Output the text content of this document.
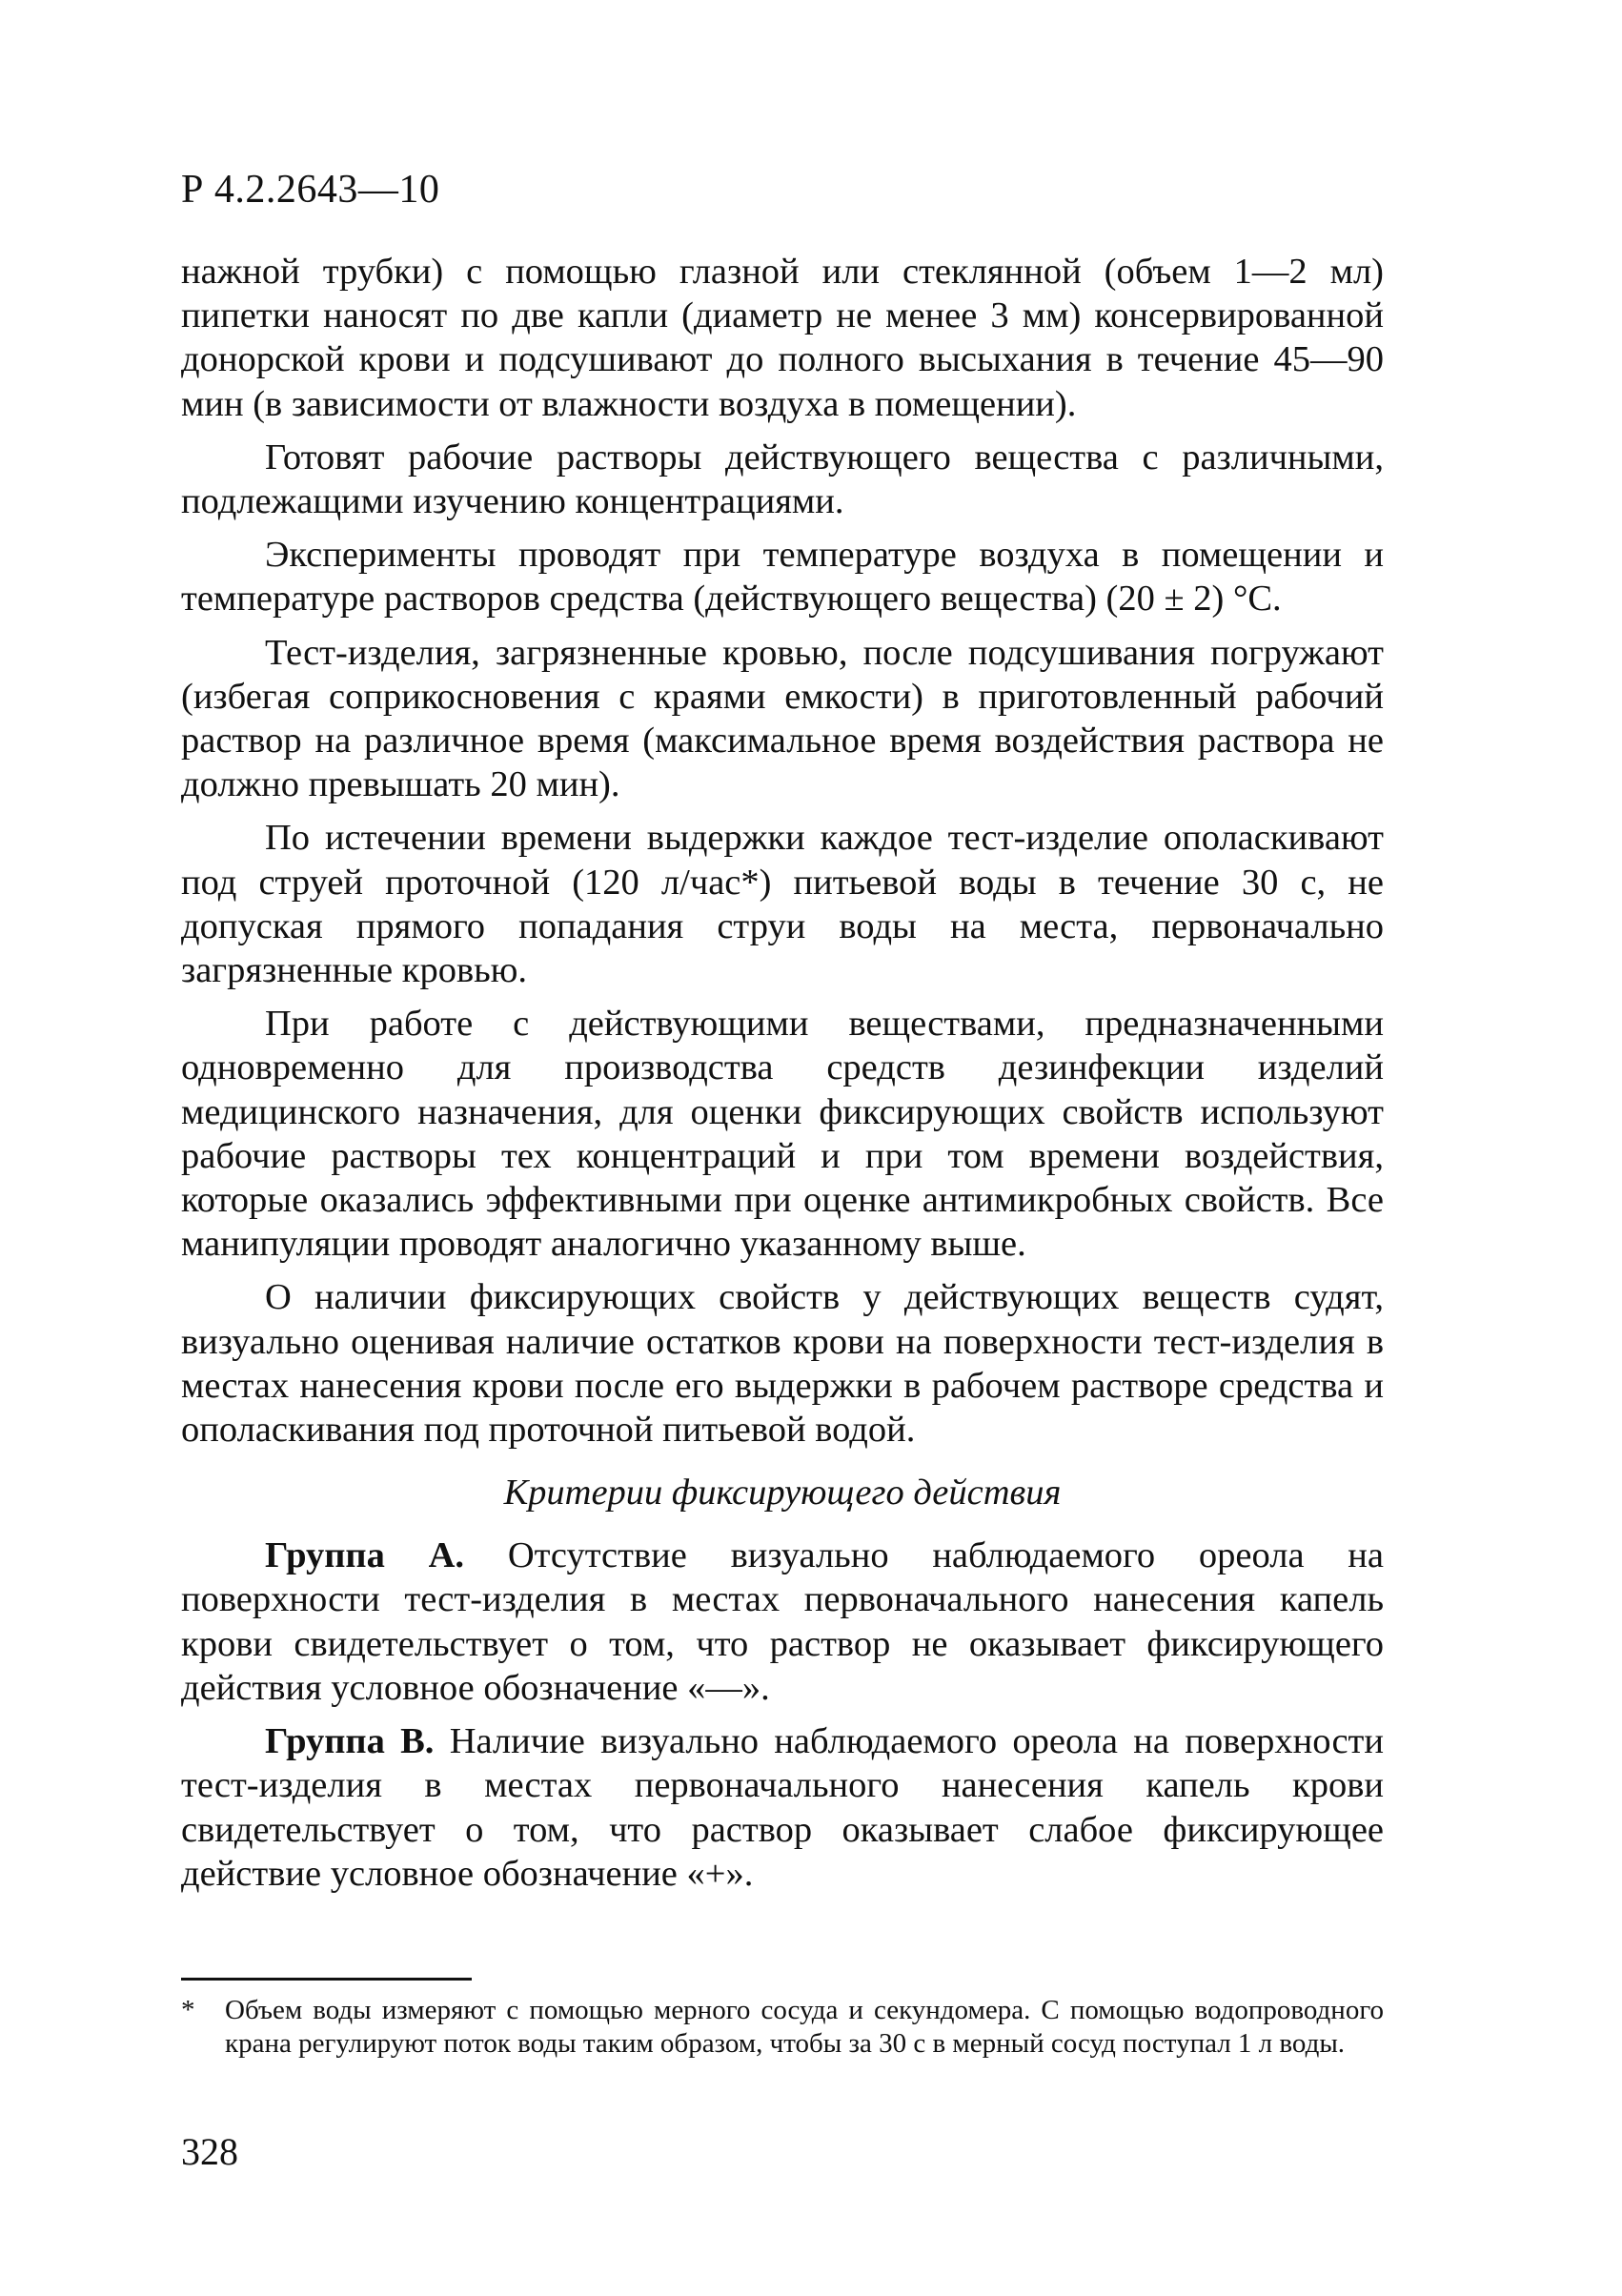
Р 4.2.2643—10

нажной трубки) с помощью глазной или стеклянной (объем 1—2 мл) пипетки наносят по две капли (диаметр не менее 3 мм) консервированной донорской крови и подсушивают до полного высыхания в течение 45—90 мин (в зависимости от влажности воздуха в помещении).

Готовят рабочие растворы действующего вещества с различными, подлежащими изучению концентрациями.

Эксперименты проводят при температуре воздуха в помещении и температуре растворов средства (действующего вещества) (20 ± 2) °С.

Тест-изделия, загрязненные кровью, после подсушивания погружают (избегая соприкосновения с краями емкости) в приготовленный рабочий раствор на различное время (максимальное время воздействия раствора не должно превышать 20 мин).

По истечении времени выдержки каждое тест-изделие ополаскивают под струей проточной (120 л/час*) питьевой воды в течение 30 с, не допуская прямого попадания струи воды на места, первоначально загрязненные кровью.

При работе с действующими веществами, предназначенными одновременно для производства средств дезинфекции изделий медицинского назначения, для оценки фиксирующих свойств используют рабочие растворы тех концентраций и при том времени воздействия, которые оказались эффективными при оценке антимикробных свойств. Все манипуляции проводят аналогично указанному выше.

О наличии фиксирующих свойств у действующих веществ судят, визуально оценивая наличие остатков крови на поверхности тест-изделия в местах нанесения крови после его выдержки в рабочем растворе средства и ополаскивания под проточной питьевой водой.

Критерии фиксирующего действия

Группа А. Отсутствие визуально наблюдаемого ореола на поверхности тест-изделия в местах первоначального нанесения капель крови свидетельствует о том, что раствор не оказывает фиксирующего действия условное обозначение «—».

Группа В. Наличие визуально наблюдаемого ореола на поверхности тест-изделия в местах первоначального нанесения капель крови свидетельствует о том, что раствор оказывает слабое фиксирующее действие условное обозначение «+».

* Объем воды измеряют с помощью мерного сосуда и секундомера. С помощью водопроводного крана регулируют поток воды таким образом, чтобы за 30 с в мерный сосуд поступал 1 л воды.
328
